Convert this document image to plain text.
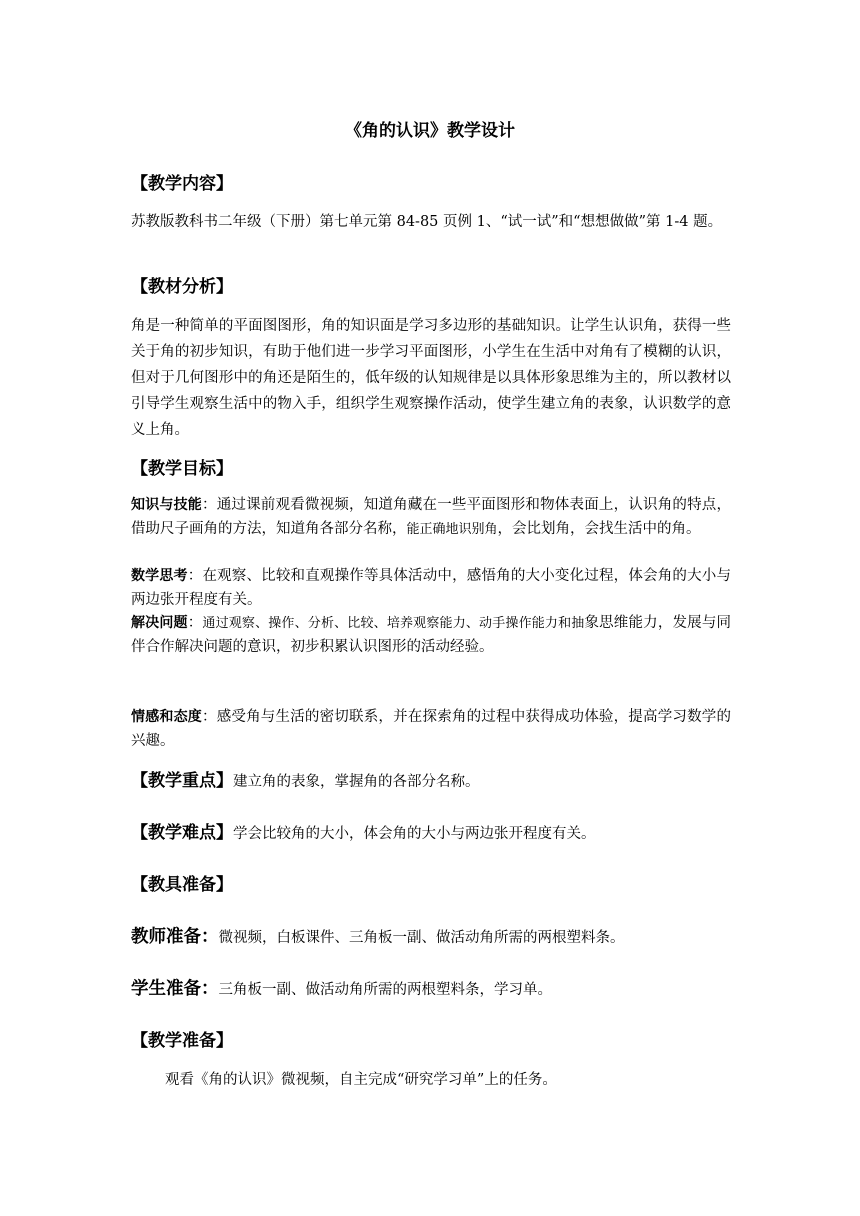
《角的认识》教学设计
【教学内容】
苏教版教科书二年级（下册）第七单元第 84-85 页例 1、“试一试”和“想想做做”第 1-4 题。
【教材分析】
角是一种简单的平面图图形，角的知识面是学习多边形的基础知识。让学生认识角，获得一些关于角的初步知识，有助于他们进一步学习平面图形，小学生在生活中对角有了模糊的认识，但对于几何图形中的角还是陌生的，低年级的认知规律是以具体形象思维为主的，所以教材以引导学生观察生活中的物入手，组织学生观察操作活动，使学生建立角的表象，认识数学的意义上角。
【教学目标】
知识与技能：通过课前观看微视频，知道角藏在一些平面图形和物体表面上，认识角的特点，借助尺子画角的方法，知道角各部分名称，能正确地识别角，会比划角，会找生活中的角。
数学思考：在观察、比较和直观操作等具体活动中，感悟角的大小变化过程，体会角的大小与两边张开程度有关。
解决问题：通过观察、操作、分析、比较、培养观察能力、动手操作能力和抽象思维能力，发展与同伴合作解决问题的意识，初步积累认识图形的活动经验。
情感和态度：感受角与生活的密切联系，并在探索角的过程中获得成功体验，提高学习数学的兴趣。
【教学重点】建立角的表象，掌握角的各部分名称。
【教学难点】学会比较角的大小，体会角的大小与两边张开程度有关。
【教具准备】
教师准备：微视频，白板课件、三角板一副、做活动角所需的两根塑料条。
学生准备：三角板一副、做活动角所需的两根塑料条，学习单。
【教学准备】
观看《角的认识》微视频，自主完成“研究学习单”上的任务。
